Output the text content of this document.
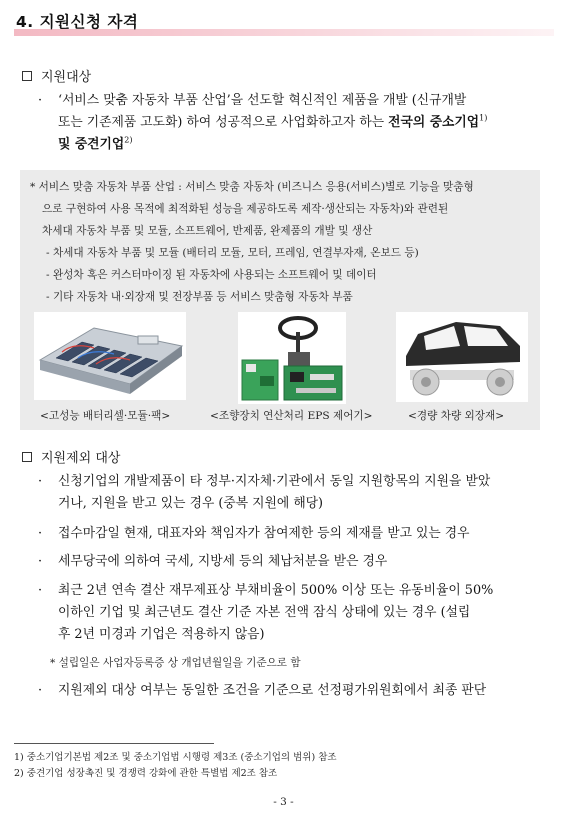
4. 지원신청 자격
지원대상
· ‘서비스 맞춤 자동차 부품 산업’을 선도할 혁신적인 제품을 개발 (신규개발
또는 기존제품 고도화) 하여 성공적으로 사업화하고자 하는 전국의 중소기업$^{1)}$
및 중견기업$^{2)}$
* 서비스 맞춤 자동차 부품 산업 : 서비스 맞춤 자동차 (비즈니스 응용(서비스)별로 기능을 맞춤형
으로 구현하여 사용 목적에 최적화된 성능을 제공하도록 제작·생산되는 자동차)와 관련된
차세대 자동차 부품 및 모듈, 소프트웨어, 반제품, 완제품의 개발 및 생산
- 차세대 자동차 부품 및 모듈 (배터리 모듈, 모터, 프레임, 연결부자재, 온보드 등)
- 완성차 혹은 커스터마이징 된 자동차에 사용되는 소프트웨어 및 데이터
- 기타 자동차 내·외장재 및 전장부품 등 서비스 맞춤형 자동차 부품
<고성능 배터리셀·모듈·팩>	<조향장치 연산처리 EPS 제어기>	<경량 차량 외장재>
지원제외 대상
· 신청기업의 개발제품이 타 정부·지자체·기관에서 동일 지원항목의 지원을 받았
거나, 지원을 받고 있는 경우 (중복 지원에 해당)
· 접수마감일 현재, 대표자와 책임자가 참여제한 등의 제재를 받고 있는 경우
· 세무당국에 의하여 국세, 지방세 등의 체납처분을 받은 경우
· 최근 2년 연속 결산 재무제표상 부채비율이 500% 이상 또는 유동비율이 50%
이하인 기업 및 최근년도 결산 기준 자본 전액 잠식 상태에 있는 경우 (설립
후 2년 미경과 기업은 적용하지 않음)
* 설립일은 사업자등록증 상 개업년월일을 기준으로 함
· 지원제외 대상 여부는 동일한 조건을 기준으로 선정평가위원회에서 최종 판단
1) 중소기업기본법 제2조 및 중소기업법 시행령 제3조 (중소기업의 범위) 참조
2) 중견기업 성장촉진 및 경쟁력 강화에 관한 특별법 제2조 참조
- 3 -
